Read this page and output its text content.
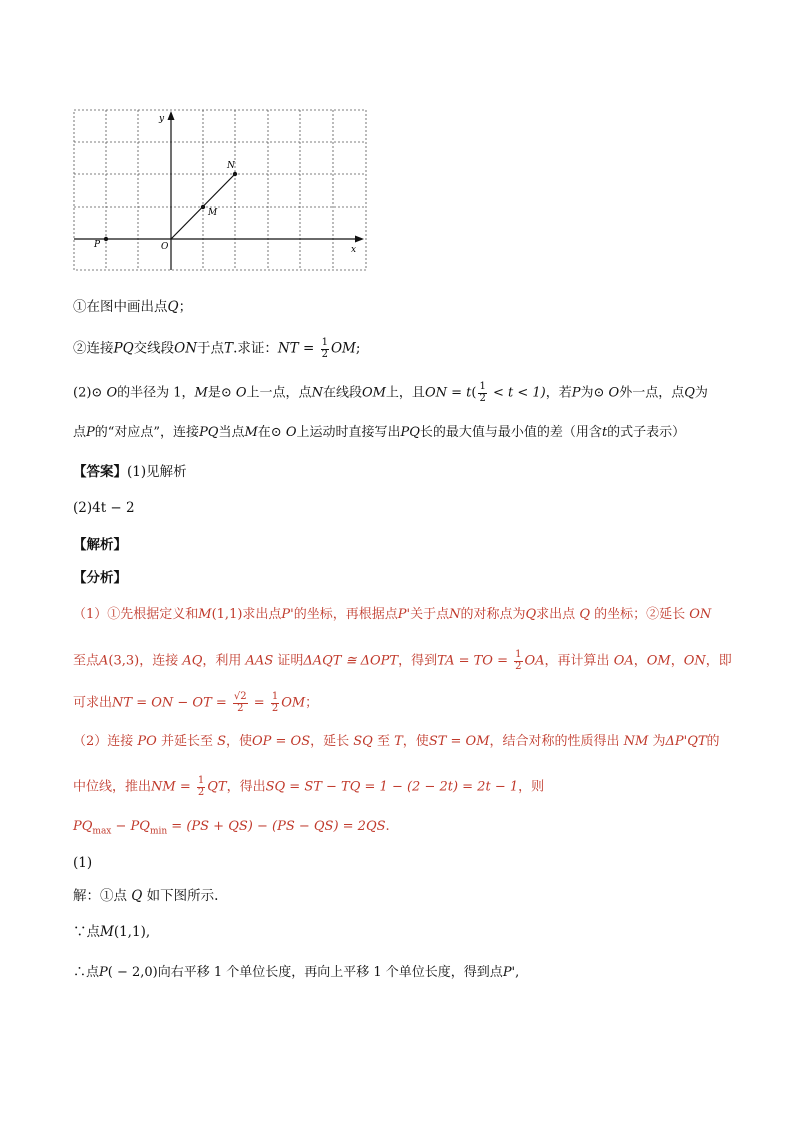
x
y
O
P
M
N
①在图中画出点Q；
②连接PQ交线段ON于点T.求证：NT = $\frac{1}{2}$ OM;
(2)⊙ O的半径为 1，M是⊙ O上一点，点N在线段OM上，且ON = $t( \frac{1}{2} < t < 1)$，若P为⊙ O外一点，点Q为
点P的“对应点”，连接PQ当点M在⊙ O上运动时直接写出PQ长的最大值与最小值的差（用含t的式子表示）
【答案】(1)见解析
(2)4t − 2
【解析】
【分析】
（1）①先根据定义和M(1,1)求出点P'的坐标，再根据点P'关于点N的对称点为Q求出点 Q 的坐标；②延长 ON
至点A(3,3)，连接 AQ，利用 AAS 证明ΔAQT ≅ ΔOPT，得到TA = TO = $\frac{1}{2}$ OA，再计算出 OA，OM，ON，即
可求出NT = ON − OT = $\frac{√2}{2} = \frac{1}{2}$ OM；
（2）连接 PO 并延长至 S，使OP = OS，延长 SQ 至 T，使ST = OM，结合对称的性质得出 NM 为ΔP'QT的
中位线，推出NM = $\frac{1}{2}$ QT，得出SQ = ST − TQ = 1 − (2 − 2t) = 2t − 1，则
$PQ_{max} - PQ_{min} = (PS + QS) - (PS - QS) = 2QS$.
(1)
解：①点 Q 如下图所示.
∵点M(1,1),
∴点P( − 2,0)向右平移 1 个单位长度，再向上平移 1 个单位长度，得到点P',
